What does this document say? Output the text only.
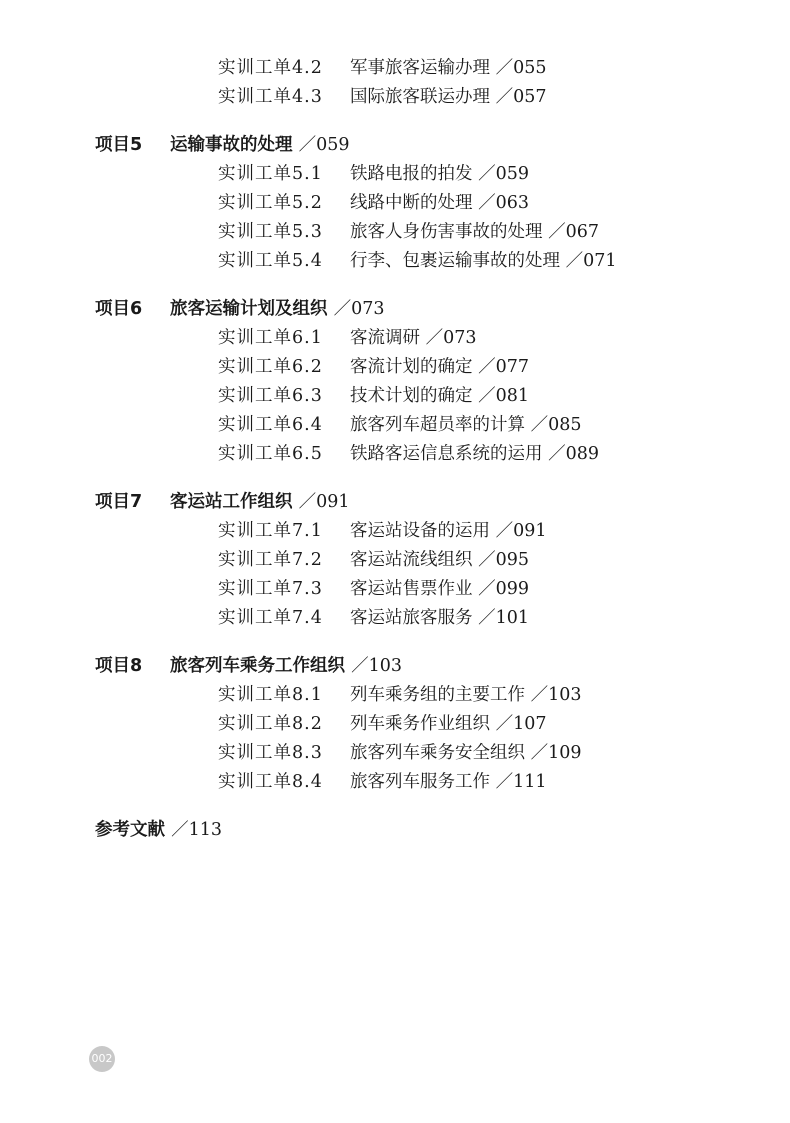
实训工单4.2 军事旅客运输办理 ／055
实训工单4.3 国际旅客联运办理 ／057
项目5 运输事故的处理 ／059
实训工单5.1 铁路电报的拍发 ／059
实训工单5.2 线路中断的处理 ／063
实训工单5.3 旅客人身伤害事故的处理 ／067
实训工单5.4 行李、包裹运输事故的处理 ／071
项目6 旅客运输计划及组织 ／073
实训工单6.1 客流调研 ／073
实训工单6.2 客流计划的确定 ／077
实训工单6.3 技术计划的确定 ／081
实训工单6.4 旅客列车超员率的计算 ／085
实训工单6.5 铁路客运信息系统的运用 ／089
项目7 客运站工作组织 ／091
实训工单7.1 客运站设备的运用 ／091
实训工单7.2 客运站流线组织 ／095
实训工单7.3 客运站售票作业 ／099
实训工单7.4 客运站旅客服务 ／101
项目8 旅客列车乘务工作组织 ／103
实训工单8.1 列车乘务组的主要工作 ／103
实训工单8.2 列车乘务作业组织 ／107
实训工单8.3 旅客列车乘务安全组织 ／109
实训工单8.4 旅客列车服务工作 ／111
参考文献 ／113
002
